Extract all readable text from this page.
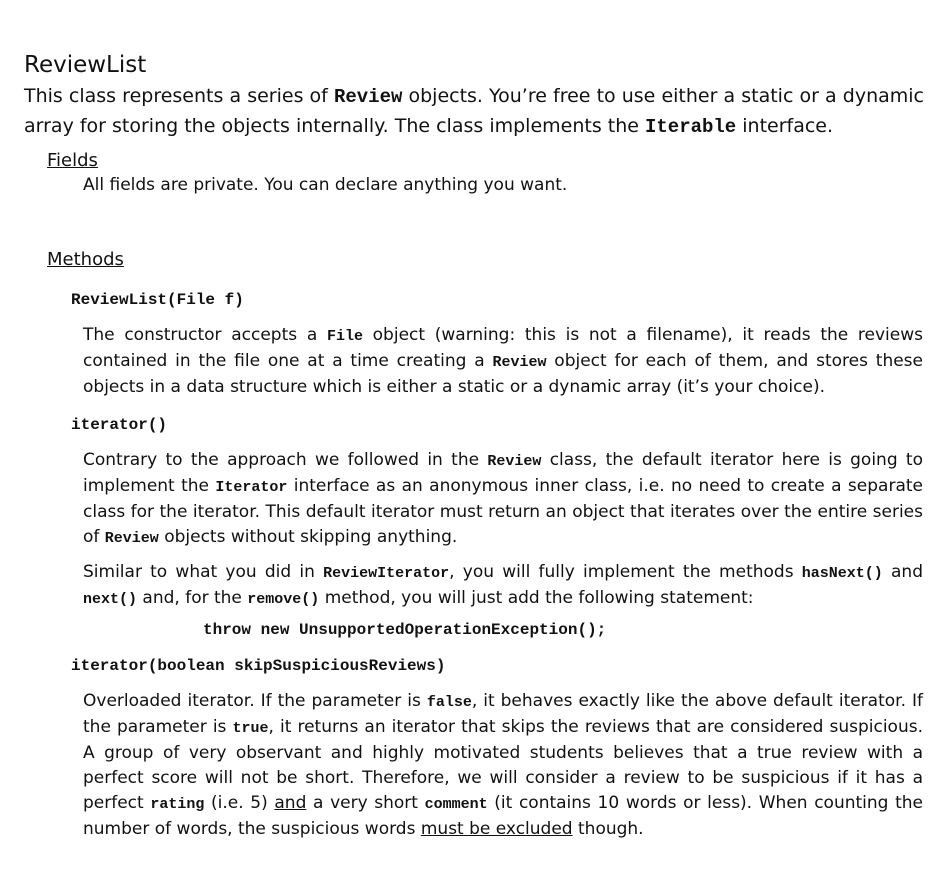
ReviewList

This class represents a series of Review objects. You’re free to use either a static or a dynamic array for storing the objects internally. The class implements the Iterable interface.

Fields

All fields are private. You can declare anything you want.

Methods

ReviewList(File f)

The constructor accepts a File object (warning: this is not a filename), it reads the reviews contained in the file one at a time creating a Review object for each of them, and stores these objects in a data structure which is either a static or a dynamic array (it’s your choice).

iterator()

Contrary to the approach we followed in the Review class, the default iterator here is going to implement the Iterator interface as an anonymous inner class, i.e. no need to create a separate class for the iterator. This default iterator must return an object that iterates over the entire series of Review objects without skipping anything.

Similar to what you did in ReviewIterator, you will fully implement the methods hasNext() and next() and, for the remove() method, you will just add the following statement:

throw new UnsupportedOperationException();

iterator(boolean skipSuspiciousReviews)

Overloaded iterator. If the parameter is false, it behaves exactly like the above default iterator. If the parameter is true, it returns an iterator that skips the reviews that are considered suspicious. A group of very observant and highly motivated students believes that a true review with a perfect score will not be short. Therefore, we will consider a review to be suspicious if it has a perfect rating (i.e. 5) and a very short comment (it contains 10 words or less). When counting the number of words, the suspicious words must be excluded though.
